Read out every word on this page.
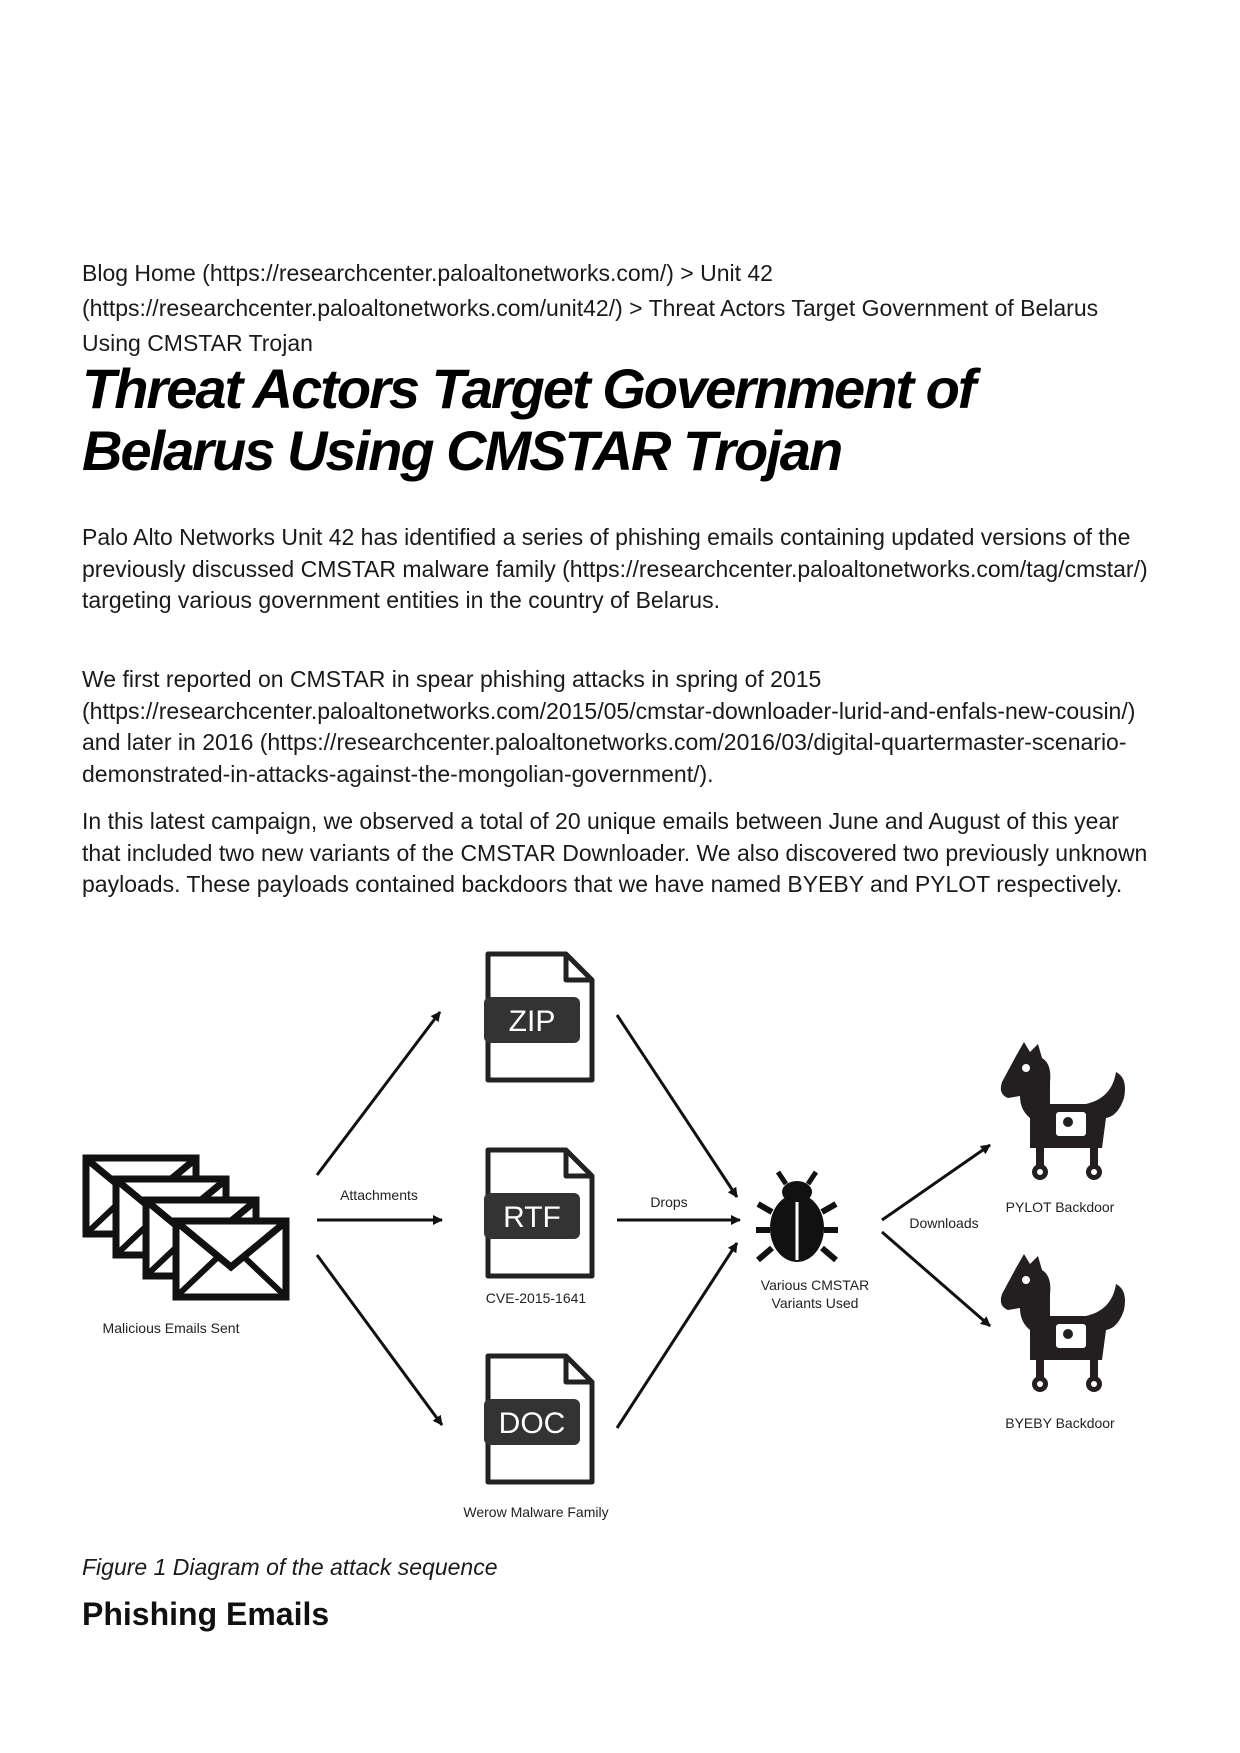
Blog Home (https://researchcenter.paloaltonetworks.com/) > Unit 42 (https://researchcenter.paloaltonetworks.com/unit42/) > Threat Actors Target Government of Belarus Using CMSTAR Trojan

Threat Actors Target Government of Belarus Using CMSTAR Trojan

Palo Alto Networks Unit 42 has identified a series of phishing emails containing updated versions of the previously discussed CMSTAR malware family (https://researchcenter.paloaltonetworks.com/tag/cmstar/) targeting various government entities in the country of Belarus.

We first reported on CMSTAR in spear phishing attacks in spring of 2015 (https://researchcenter.paloaltonetworks.com/2015/05/cmstar-downloader-lurid-and-enfals-new-cousin/) and later in 2016 (https://researchcenter.paloaltonetworks.com/2016/03/digital-quartermaster-scenario-demonstrated-in-attacks-against-the-mongolian-government/).

In this latest campaign, we observed a total of 20 unique emails between June and August of this year that included two new variants of the CMSTAR Downloader. We also discovered two previously unknown payloads. These payloads contained backdoors that we have named BYEBY and PYLOT respectively.

Malicious Emails Sent
Attachments
ZIP
RTF
CVE-2015-1641
DOC
Werow Malware Family
Drops
Various CMSTAR
Variants Used
Downloads
PYLOT Backdoor
BYEBY Backdoor

Figure 1 Diagram of the attack sequence

Phishing Emails
